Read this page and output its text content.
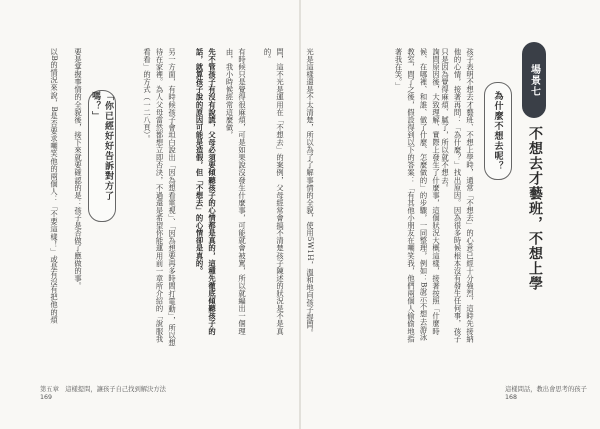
場景七
不想去才藝班，不想上學
為什麼不想去呢？

孩子表明不想去才藝班、不想上學時，通常「不想去」的心意已經十分強烈，這時先接納他的心情，接著再問：「為什麼？」找出原因。因為很多時候根本沒有發生任何事，孩子只是因為覺得麻煩、膩了，所以就不想去。

詢問原因後，大致理解、實際上發生了什麼事，這個狀況大概這樣，接著按照「什麼時候、在哪裡、和誰、做了什麼、怎麼做的」的步驟，一同整理，例如：B說示不想去游泳教室，問了之後，假設得到以下的答案：「有其他小朋友在嘲笑我，他們兩個人偷偷地指著我在笑。」

光是這樣還是不太清楚，所以為了了解事情的全貌，使用5W1H，溫和地向孩子提問。

這樣問話，教出會思考的孩子
168

問，這不光是運用在「不想去」的案例，父母經常會搞不清楚孩子陳述的狀況是不是真的。

有時候只是覺得很麻煩，可是如果說沒發生什麼事，可能就會被罵，所以就編出一個理由，我小時候經常這麼做，

先不管孩子有沒有說謊，父母必須要傾聽孩子的心情都是真的，這種先徹底傾聽孩子的話，就算孩子說的原因可能是造假，但「不想去」的心情卻是真的。

另一方面，有時候孩子會坦白說出「因為想看電視」、「因為想要再多時間打電動」，所以想待在家裡。為人父母當然都想立即否決，不過還是希望你能運用前一章所介紹的「說服我看看」的方式（一二八頁）。

「你已經好好告訴對方了嗎？」

要是掌握事情的全貌後，接下來就要確認的是：孩子是否做了應做的事。

以B的情況來說，B是否要求嘲笑他的兩個人：「不要這樣！」或是有沒有把他的煩

第五章　這樣提問，讓孩子自己找到解決方法
169
